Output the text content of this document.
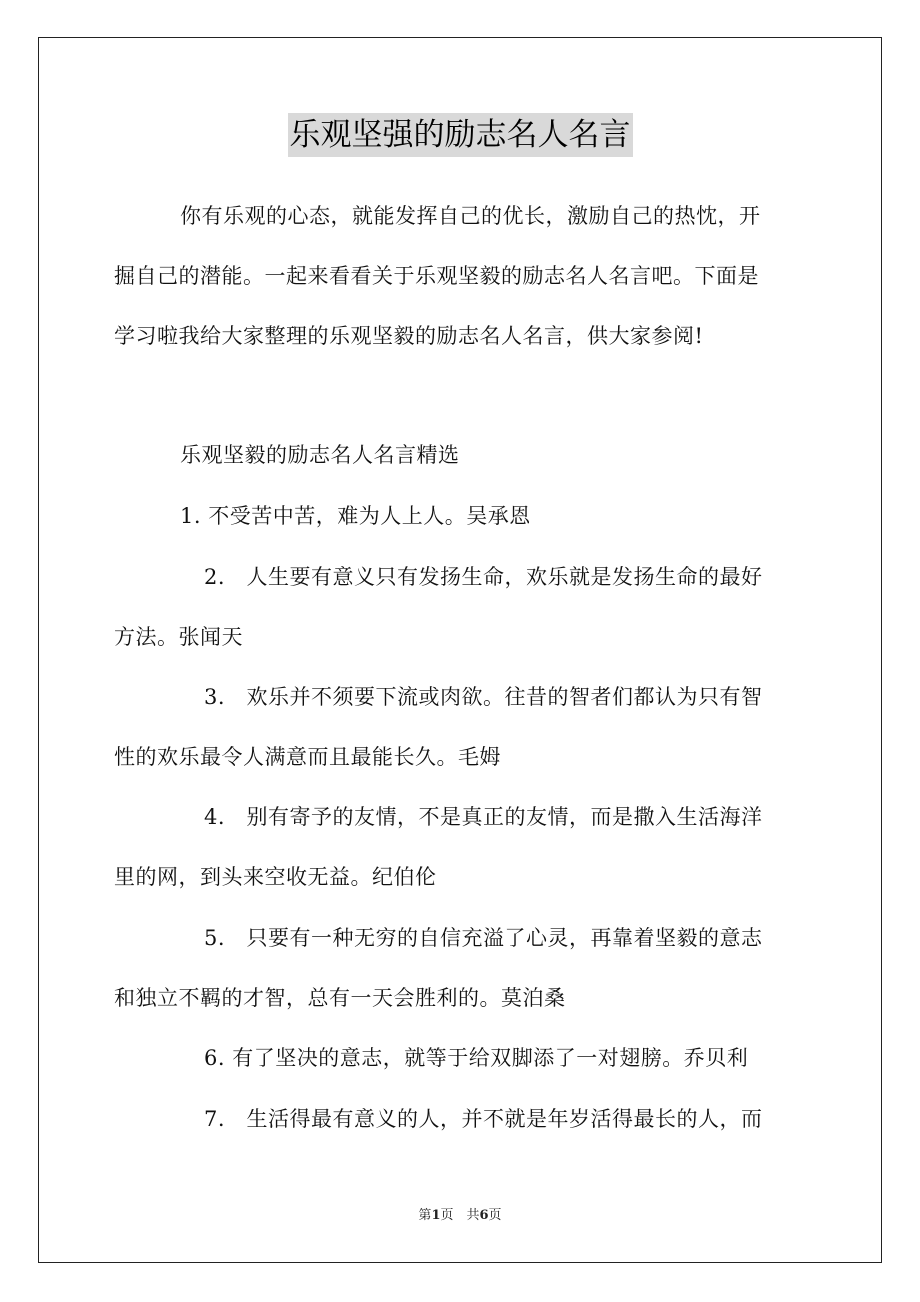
乐观坚强的励志名人名言
你有乐观的心态，就能发挥自己的优长，激励自己的热忱，开
掘自己的潜能。一起来看看关于乐观坚毅的励志名人名言吧。下面是
学习啦我给大家整理的乐观坚毅的励志名人名言，供大家参阅!
乐观坚毅的励志名人名言精选
1. 不受苦中苦，难为人上人。吴承恩
2.　人生要有意义只有发扬生命，欢乐就是发扬生命的最好
方法。张闻天
3.　欢乐并不须要下流或肉欲。往昔的智者们都认为只有智
性的欢乐最令人满意而且最能长久。毛姆
4.　别有寄予的友情，不是真正的友情，而是撒入生活海洋
里的网，到头来空收无益。纪伯伦
5.　只要有一种无穷的自信充溢了心灵，再靠着坚毅的意志
和独立不羁的才智，总有一天会胜利的。莫泊桑
6. 有了坚决的意志，就等于给双脚添了一对翅膀。乔贝利
7.　生活得最有意义的人，并不就是年岁活得最长的人，而
第1页　共6页
